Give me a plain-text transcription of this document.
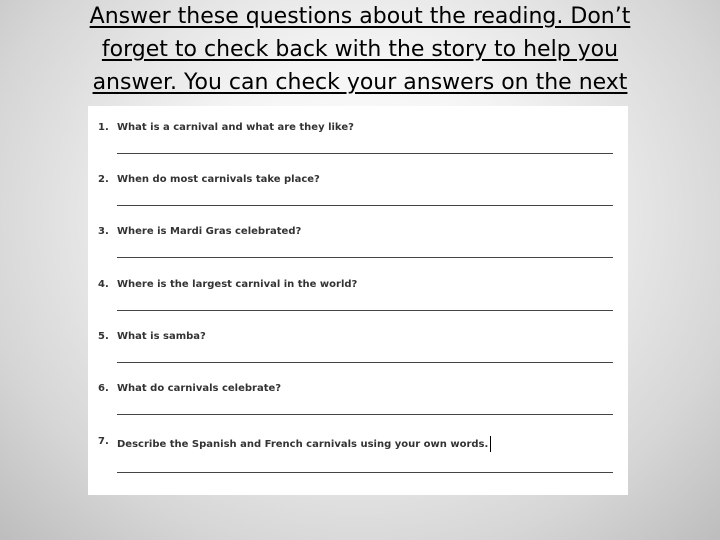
Answer these questions about the reading. Don’t
forget to check back with the story to help you
answer. You can check your answers on the next
1. What is a carnival and what are they like?
2. When do most carnivals take place?
3. Where is Mardi Gras celebrated?
4. Where is the largest carnival in the world?
5. What is samba?
6. What do carnivals celebrate?
7. Describe the Spanish and French carnivals using your own words.
